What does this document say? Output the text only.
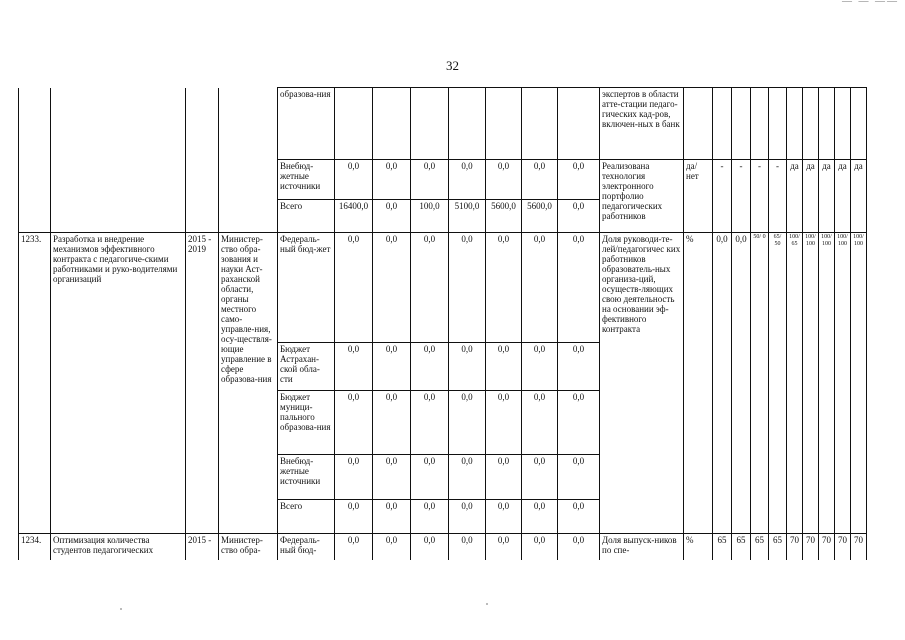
— — ——
32
				образова-ния								экспертов в области атте-стации педаго-гических кад-ров, включен-ных в банк										
				Внебюд-жетные источники	0,0	0,0	0,0	0,0	0,0	0,0	0,0	Реализована технология электронного портфолио педагогических работников	да/ нет	-	-	-	-	да	да	да	да	да
				Всего	16400,0	0,0	100,0	5100,0	5600,0	5600,0	0,0											
1233.	Разработка и внедрение механизмов эффективного контракта с педагогиче-скими работниками и руко-водителями организаций	2015 - 2019	Министер-ство обра-зования и науки Аст-раханской области, органы местного само-управле-ния, осу-ществля-ющие управление в сфере образова-ния	Федераль-ный бюд-жет	0,0	0,0	0,0	0,0	0,0	0,0	0,0	Доля руководи-те-лей/педагогичес ких работников образователь-ных организа-ций, осуществ-ляющих свою деятельность на основании эф-фективного контракта	%	0,0	0,0	50/ 0	65/ 50	100/ 65	100/ 100	100/ 100	100/ 100	100/ 100
				Бюджет Астрахан-ской обла-сти	0,0	0,0	0,0	0,0	0,0	0,0	0,0											
				Бюджет муници-пального образова-ния	0,0	0,0	0,0	0,0	0,0	0,0	0,0											
				Внебюд-жетные источники	0,0	0,0	0,0	0,0	0,0	0,0	0,0											
				Всего	0,0	0,0	0,0	0,0	0,0	0,0	0,0											
1234.	Оптимизация количества студентов педагогических	2015 -	Министер-ство обра-	Федераль-ный бюд-	0,0	0,0	0,0	0,0	0,0	0,0	0,0	Доля выпуск-ников по спе-	%	65	65	65	65	70	70	70	70	70
